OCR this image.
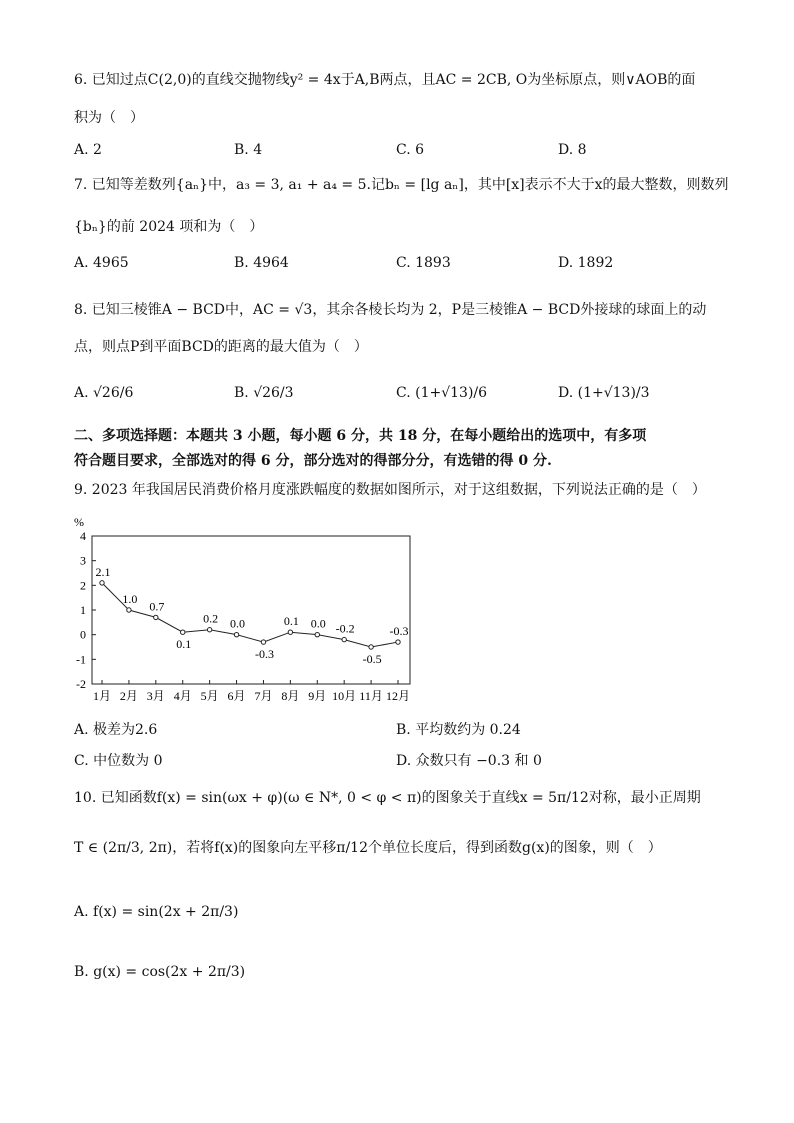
6. 已知过点C(2,0)的直线交抛物线y² = 4x于A,B两点，且AC = 2CB, O为坐标原点，则∨AOB的面
积为（　）
A. 2	B. 4	C. 6	D. 8
7. 已知等差数列{aₙ}中，a₃ = 3, a₁ + a₄ = 5.记bₙ = [lg aₙ]，其中[x]表示不大于x的最大整数，则数列
{bₙ}的前 2024 项和为（　）
A. 4965	B. 4964	C. 1893	D. 1892
8. 已知三棱锥A − BCD中，AC = √3，其余各棱长均为 2，P是三棱锥A − BCD外接球的球面上的动
点，则点P到平面BCD的距离的最大值为（　）
A. √26/6	B. √26/3	C. (1+√13)/6	D. (1+√13)/3
二、多项选择题：本题共 3 小题，每小题 6 分，共 18 分，在每小题给出的选项中，有多项
符合题目要求，全部选对的得 6 分，部分选对的得部分分，有选错的得 0 分.
9. 2023 年我国居民消费价格月度涨跌幅度的数据如图所示，对于这组数据，下列说法正确的是（　）
%
4
3
2
1
0
-1
-2
1月 2月 3月 4月 5月 6月 7月 8月 9月 10月 11月 12月
2.1
1.0
0.7
0.1
0.2 0.0
-0.3
0.1 0.0 -0.2
-0.5
-0.3
A. 极差为2.6	B. 平均数约为 0.24
C. 中位数为 0	D. 众数只有 −0.3 和 0
10. 已知函数f(x) = sin(ωx + φ)(ω ∈ N*, 0 < φ < π)的图象关于直线x = 5π/12对称，最小正周期
T ∈ (2π/3, 2π)，若将f(x)的图象向左平移π/12个单位长度后，得到函数g(x)的图象，则（　）
A. f(x) = sin(2x + 2π/3)
B. g(x) = cos(2x + 2π/3)
